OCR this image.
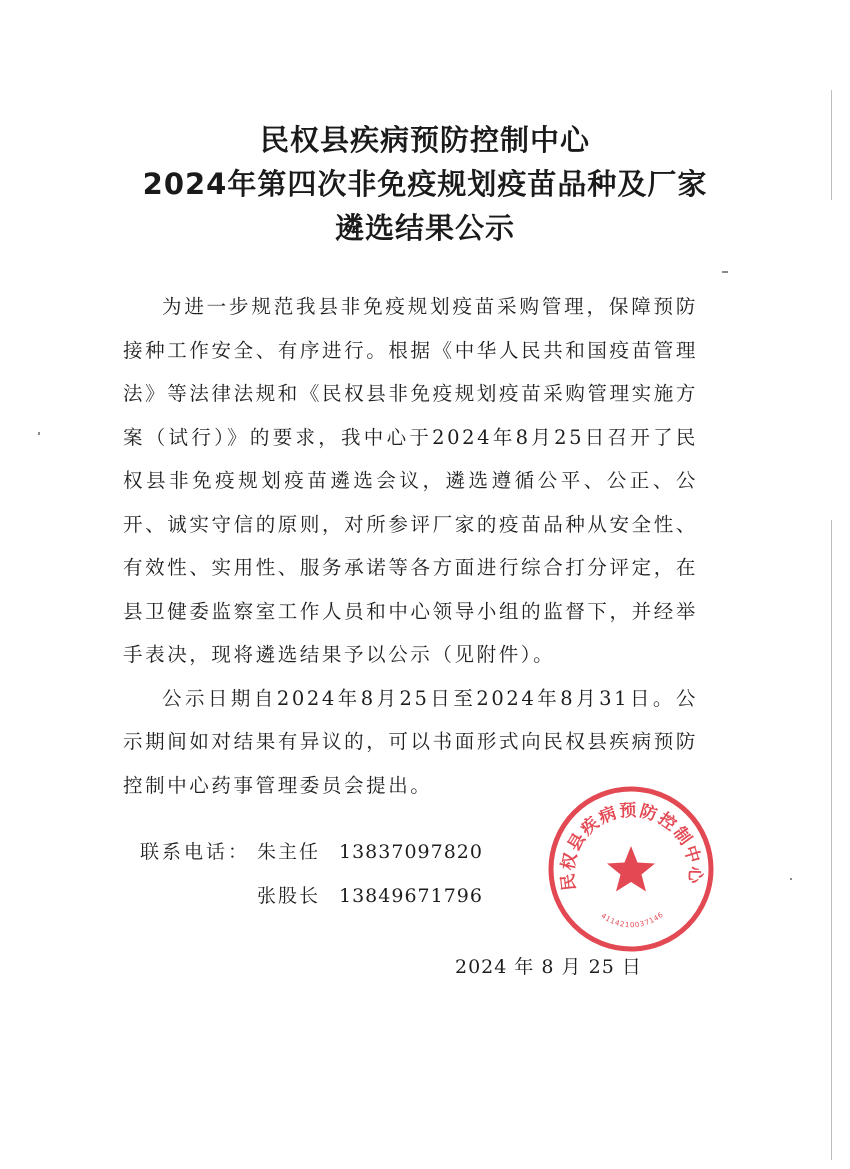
民权县疾病预防控制中心
2024年第四次非免疫规划疫苗品种及厂家
遴选结果公示

为进一步规范我县非免疫规划疫苗采购管理，保障预防接种工作安全、有序进行。根据《中华人民共和国疫苗管理法》等法律法规和《民权县非免疫规划疫苗采购管理实施方案（试行）》的要求，我中心于2024年8月25日召开了民权县非免疫规划疫苗遴选会议，遴选遵循公平、公正、公开、诚实守信的原则，对所参评厂家的疫苗品种从安全性、有效性、实用性、服务承诺等各方面进行综合打分评定，在县卫健委监察室工作人员和中心领导小组的监督下，并经举手表决，现将遴选结果予以公示（见附件）。

公示日期自2024年8月25日至2024年8月31日。公示期间如对结果有异议的，可以书面形式向民权县疾病预防控制中心药事管理委员会提出。

联系电话： 朱主任 13837097820
张股长 13849671796
2024 年 8 月 25 日
民权县疾病预防控制中心
4114210037146
